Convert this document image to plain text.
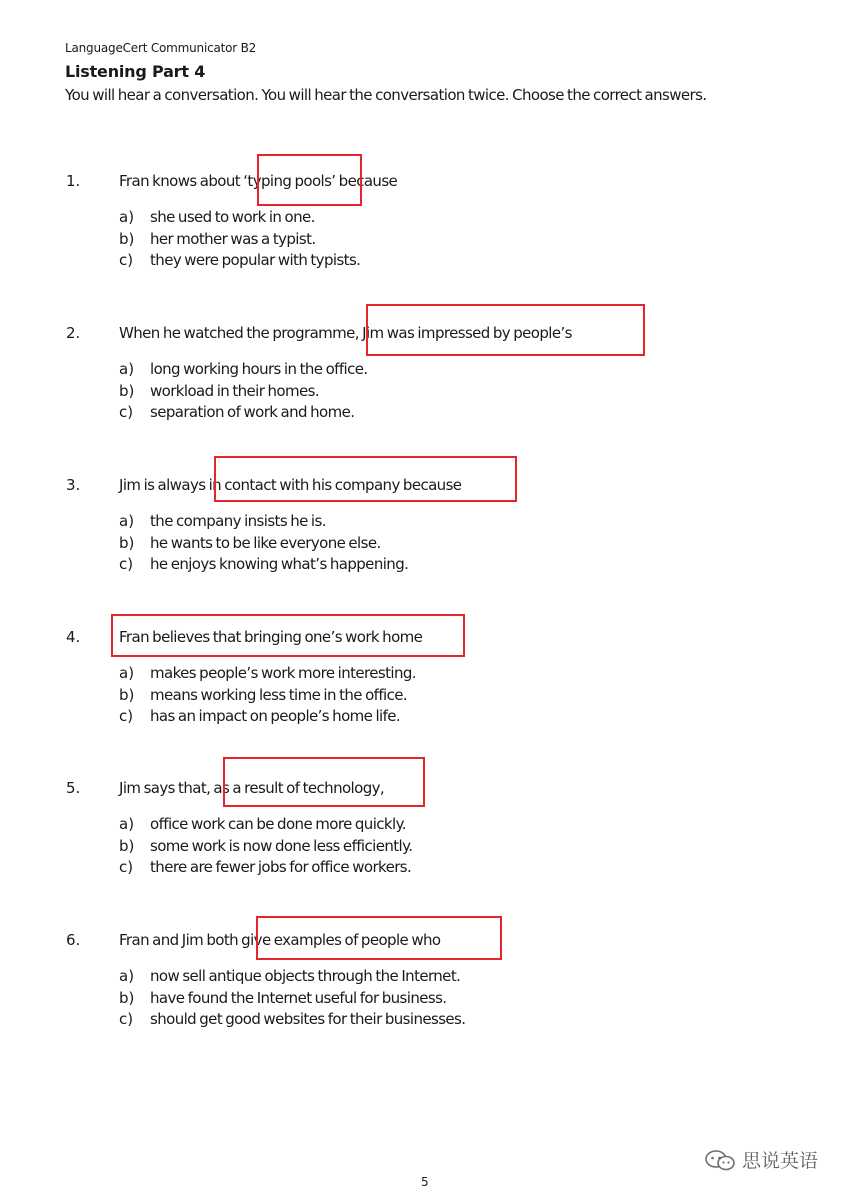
LanguageCert Communicator B2
Listening Part 4
You will hear a conversation. You will hear the conversation twice. Choose the correct answers.
1.	Fran knows about ‘typing pools’ because
a) she used to work in one.
b) her mother was a typist.
c) they were popular with typists.
2.	When he watched the programme, Jim was impressed by people’s
a) long working hours in the office.
b) workload in their homes.
c) separation of work and home.
3.	Jim is always in contact with his company because
a) the company insists he is.
b) he wants to be like everyone else.
c) he enjoys knowing what’s happening.
4.	Fran believes that bringing one’s work home
a) makes people’s work more interesting.
b) means working less time in the office.
c) has an impact on people’s home life.
5.	Jim says that, as a result of technology,
a) office work can be done more quickly.
b) some work is now done less efficiently.
c) there are fewer jobs for office workers.
6.	Fran and Jim both give examples of people who
a) now sell antique objects through the Internet.
b) have found the Internet useful for business.
c) should get good websites for their businesses.
5
思说英语
